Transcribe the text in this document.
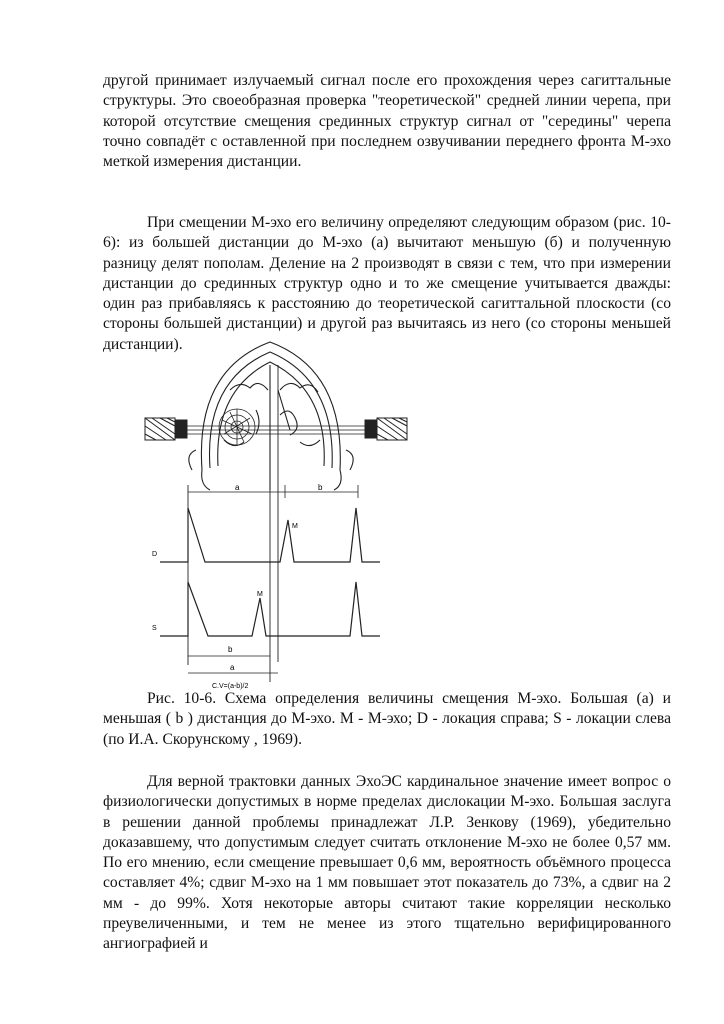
другой принимает излучаемый сигнал после его прохождения через сагиттальные структуры. Это своеобразная проверка "теоретической" средней линии черепа, при которой отсутствие смещения срединных структур сигнал от "середины" черепа точно совпадёт с оставленной при последнем озвучивании переднего фронта М-эхо меткой измерения дистанции.

При смещении М-эхо его величину определяют следующим образом (рис. 10-6): из большей дистанции до М-эхо (а) вычитают меньшую (б) и полученную разницу делят пополам. Деление на 2 производят в связи с тем, что при измерении дистанции до срединных структур одно и то же смещение учитывается дважды: один раз прибавляясь к расстоянию до теоретической сагиттальной плоскости (со стороны большей дистанции) и другой раз вычитаясь из него (со стороны меньшей дистанции).

a	b
M
D
M
S
b
a
C.V=(a-b)/2

Рис. 10-6. Схема определения величины смещения М-эхо. Большая (а) и меньшая ( b ) дистанция до М-эхо. М - М-эхо; D - локация справа; S - локации слева (по И.А. Скорунскому , 1969).

Для верной трактовки данных ЭхоЭС кардинальное значение имеет вопрос о физиологически допустимых в норме пределах дислокации М-эхо. Большая заслуга в решении данной проблемы принадлежат Л.Р. Зенкову (1969), убедительно доказавшему, что допустимым следует считать отклонение М-эхо не более 0,57 мм. По его мнению, если смещение превышает 0,6 мм, вероятность объёмного процесса составляет 4%; сдвиг М-эхо на 1 мм повышает этот показатель до 73%, а сдвиг на 2 мм - до 99%. Хотя некоторые авторы считают такие корреляции несколько преувеличенными, и тем не менее из этого тщательно верифицированного ангиографией и
